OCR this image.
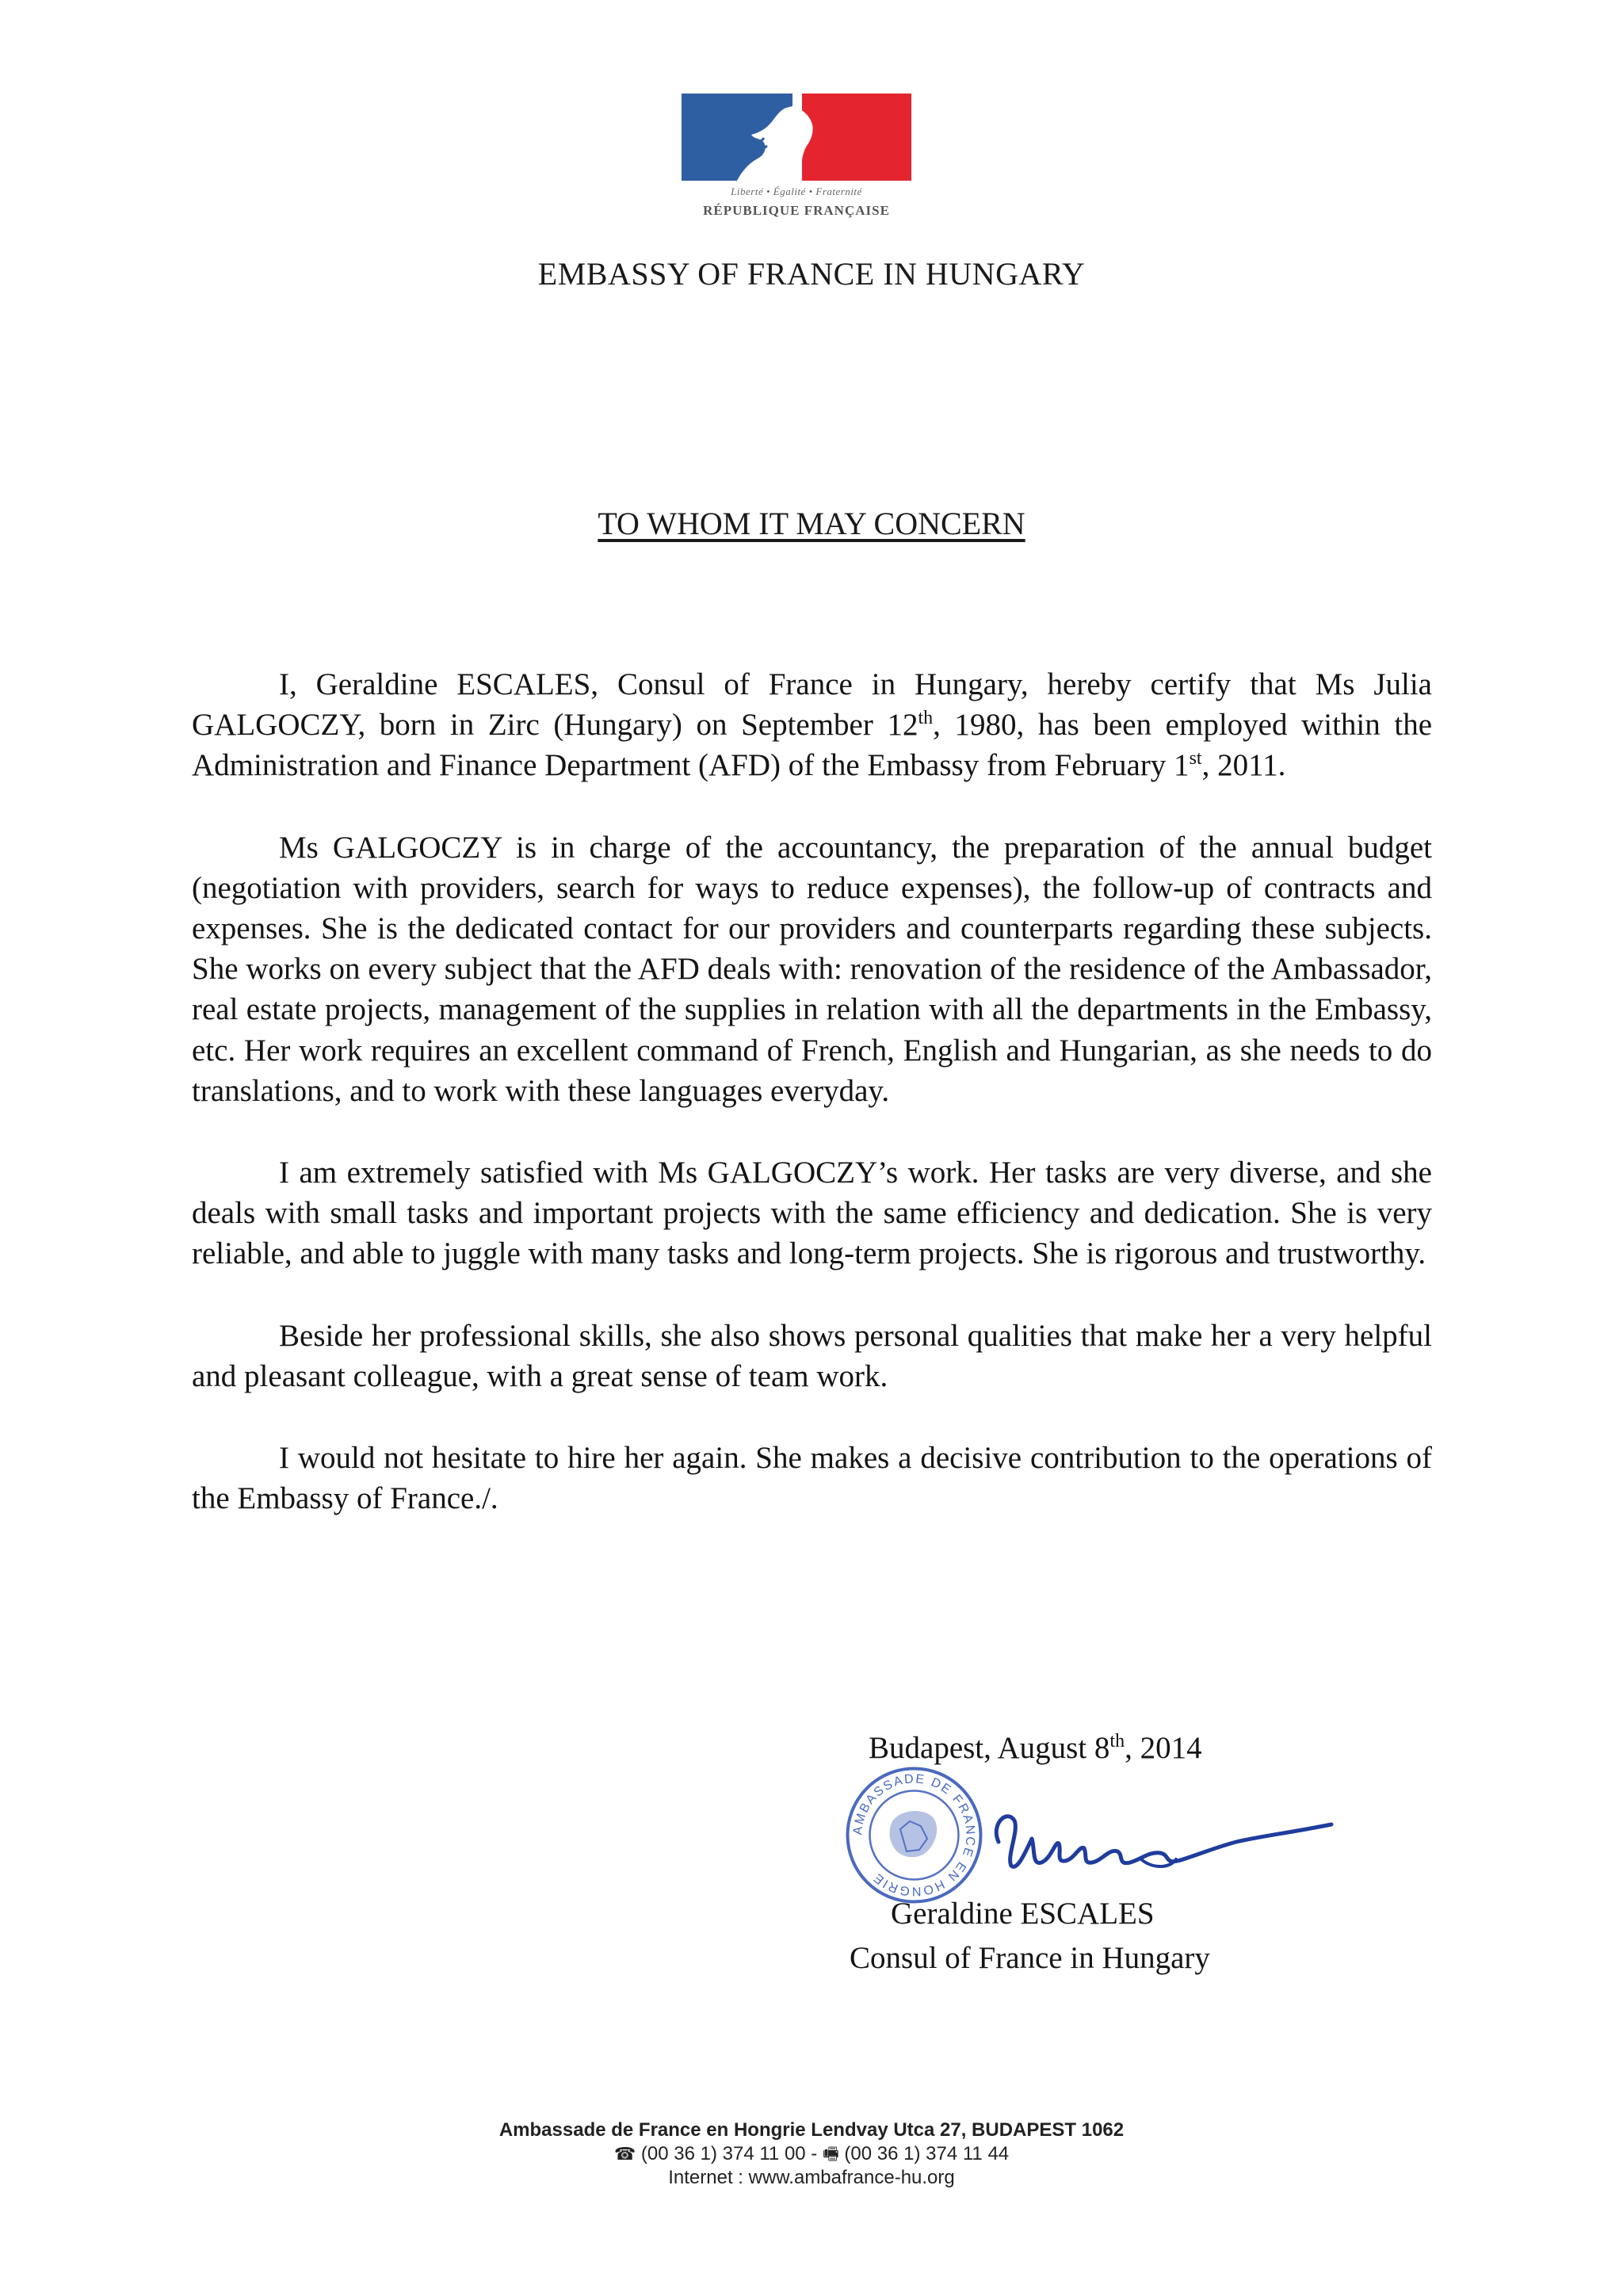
Liberté • Égalité • Fraternité
RÉPUBLIQUE FRANÇAISE
EMBASSY OF FRANCE IN HUNGARY
TO WHOM IT MAY CONCERN

I, Geraldine ESCALES, Consul of France in Hungary, hereby certify that Ms Julia GALGOCZY, born in Zirc (Hungary) on September 12th, 1980, has been employed within the Administration and Finance Department (AFD) of the Embassy from February 1st, 2011.

Ms GALGOCZY is in charge of the accountancy, the preparation of the annual budget (negotiation with providers, search for ways to reduce expenses), the follow-up of contracts and expenses. She is the dedicated contact for our providers and counterparts regarding these subjects. She works on every subject that the AFD deals with: renovation of the residence of the Ambassador, real estate projects, management of the supplies in relation with all the departments in the Embassy, etc. Her work requires an excellent command of French, English and Hungarian, as she needs to do translations, and to work with these languages everyday.

I am extremely satisfied with Ms GALGOCZY’s work. Her tasks are very diverse, and she deals with small tasks and important projects with the same efficiency and dedication. She is very reliable, and able to juggle with many tasks and long-term projects. She is rigorous and trustworthy.

Beside her professional skills, she also shows personal qualities that make her a very helpful and pleasant colleague, with a great sense of team work.

I would not hesitate to hire her again. She makes a decisive contribution to the operations of the Embassy of France./.

Budapest, August 8th, 2014
AMBASSADE DE FRANCE EN HONGRIE
Geraldine ESCALES
Consul of France in Hungary
Ambassade de France en Hongrie Lendvay Utca 27, BUDAPEST 1062
☎ (00 36 1) 374 11 00 - 🖷 (00 36 1) 374 11 44
Internet : www.ambafrance-hu.org
